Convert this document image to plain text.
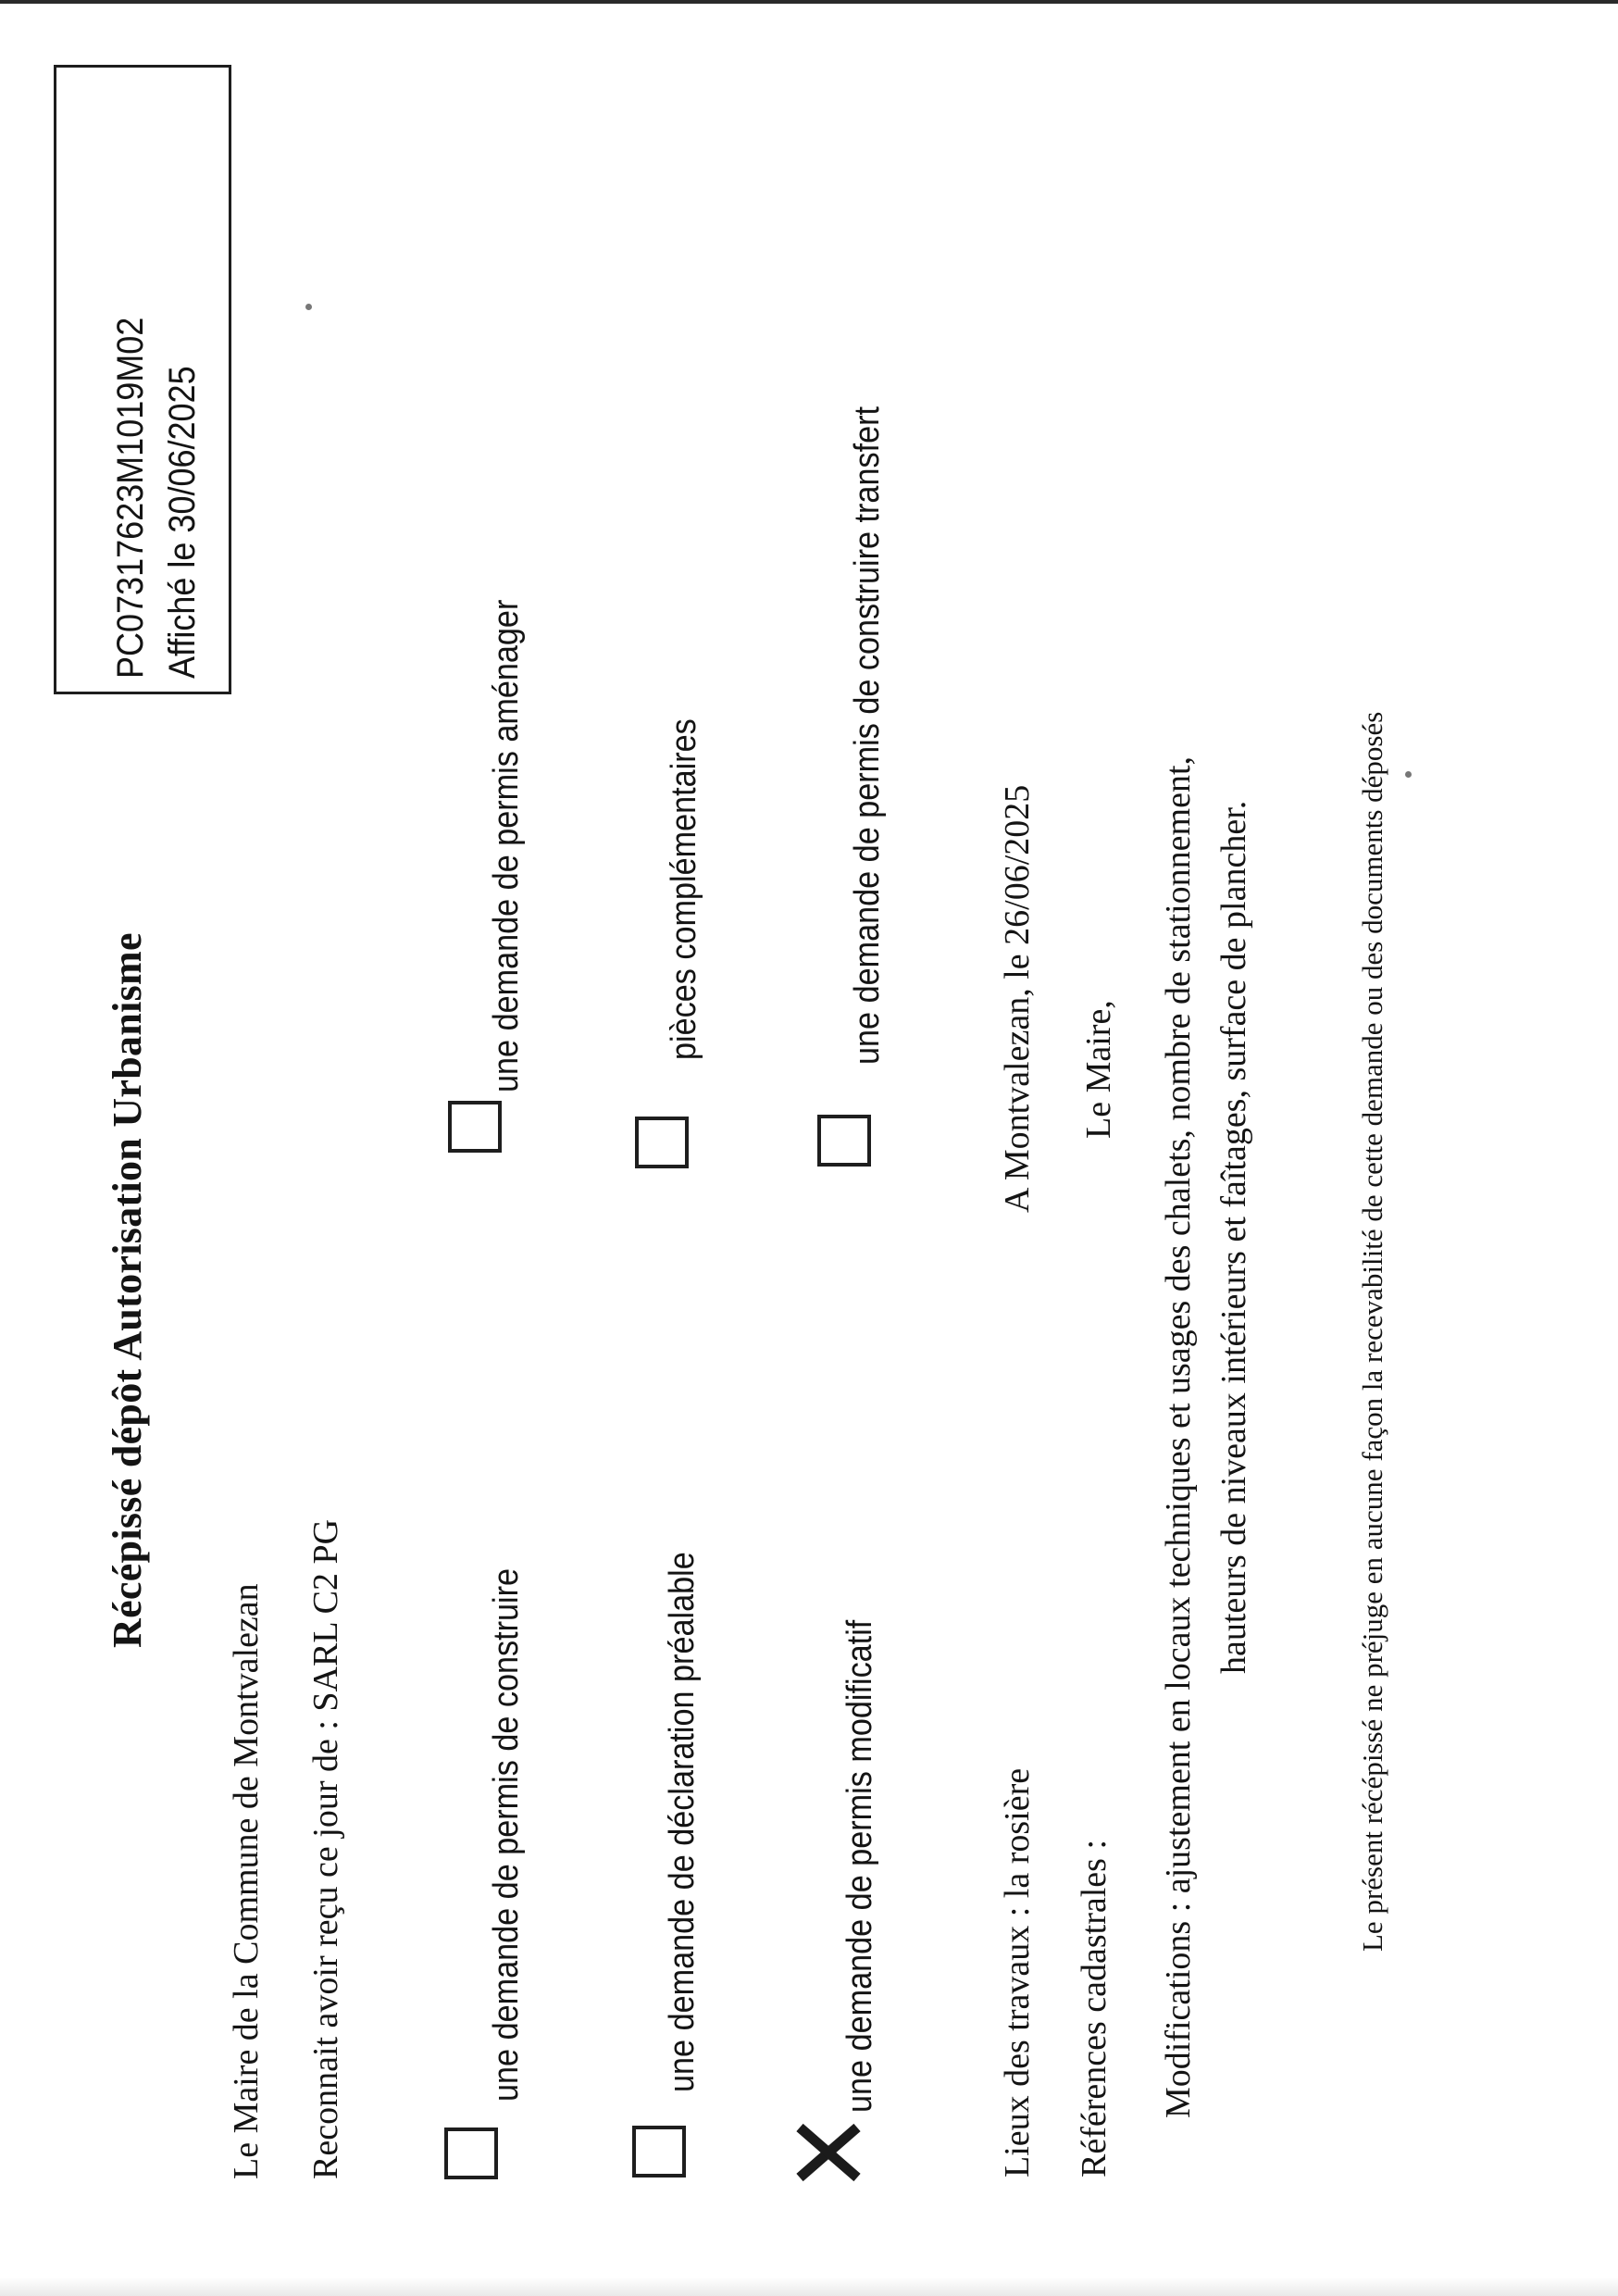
Récépissé dépôt Autorisation Urbanisme
PC07317623M1019M02 Affiché le 30/06/2025
Le Maire de la Commune de Montvalezan Reconnait avoir reçu ce jour de : SARL C2 PG	une demande de permis de construire
une demande de permis aménager
une demande de déclaration préalable
pièces complémentaires
une demande de permis modificatif
une demande de permis de construire transfert
Lieux des travaux : la rosière
A Montvalezan, le 26/06/2025
Références cadastrales :
Le Maire, Modifications : ajustement en locaux techniques et usages des chalets, nombre de stationnement, hauteurs de niveaux intérieurs et faîtages, surface de plancher.	Le présent récépissé ne préjuge en aucune façon la recevabilité de cette demande ou des documents déposés
